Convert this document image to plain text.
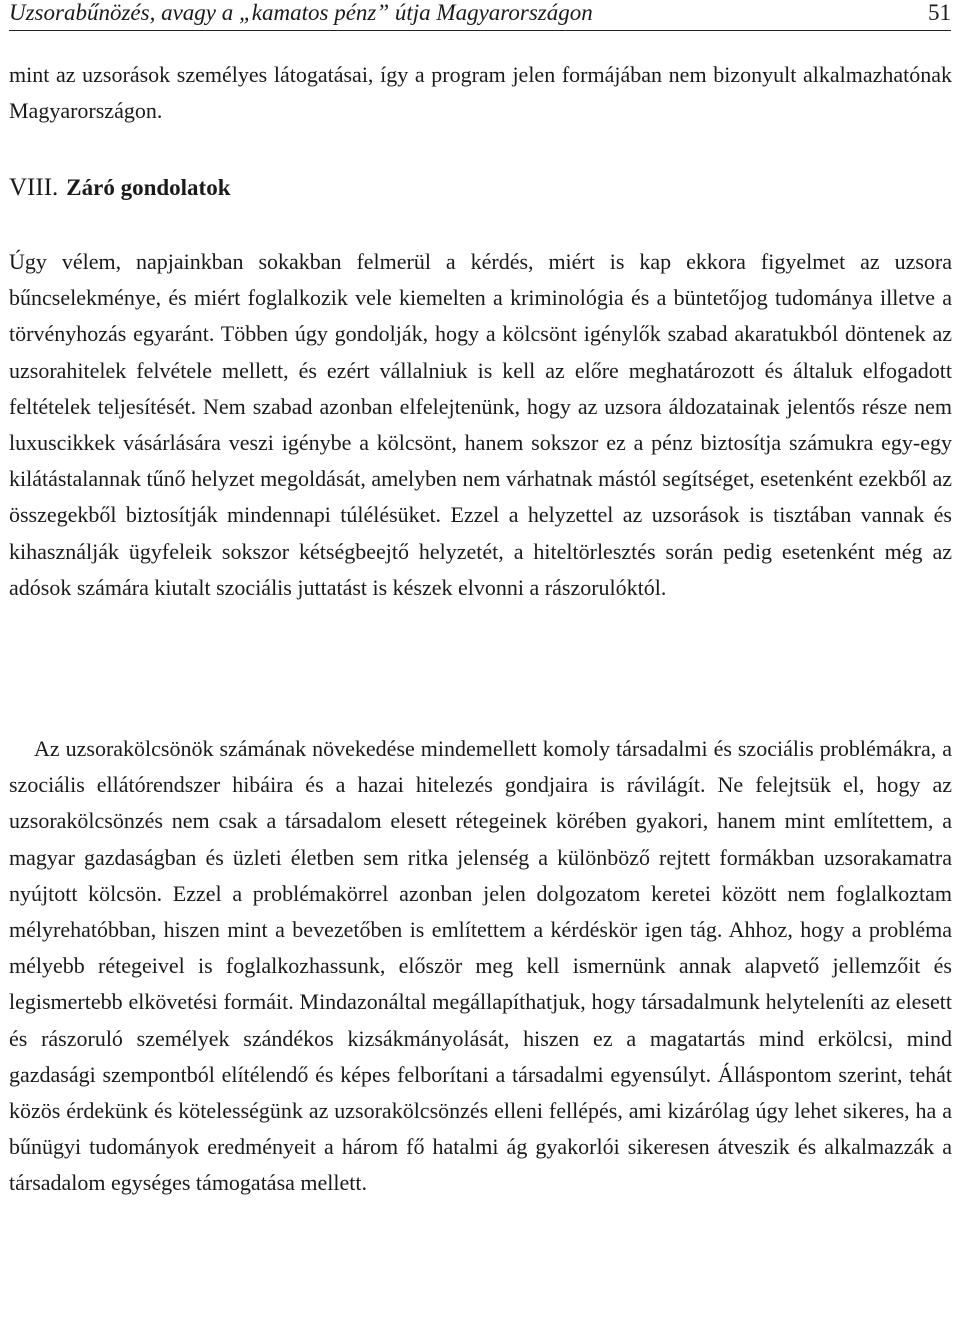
Uzsorabűnözés, avagy a „kamatos pénz” útja Magyarországon	51

mint az uzsorások személyes látogatásai, így a program jelen formájában nem bizonyult alkalmazhatónak Magyarországon.

VIII. Záró gondolatok

Úgy vélem, napjainkban sokakban felmerül a kérdés, miért is kap ekkora figyelmet az uzsora bűncselekménye, és miért foglalkozik vele kiemelten a kriminológia és a büntetőjog tudománya illetve a törvényhozás egyaránt. Többen úgy gondolják, hogy a kölcsönt igénylők szabad akaratukból döntenek az uzsorahitelek felvétele mellett, és ezért vállalniuk is kell az előre meghatározott és általuk elfogadott feltételek teljesítését. Nem szabad azonban elfelejtenünk, hogy az uzsora áldozatainak jelentős része nem luxuscikkek vásárlására veszi igénybe a kölcsönt, hanem sokszor ez a pénz biztosítja számukra egy-egy kilátástalannak tűnő helyzet megoldását, amelyben nem várhatnak mástól segítséget, esetenként ezekből az összegekből biztosítják mindennapi túlélésüket. Ezzel a helyzettel az uzsorások is tisztában vannak és kihasználják ügyfeleik sokszor kétségbeejtő helyzetét, a hiteltörlesztés során pedig esetenként még az adósok számára kiutalt szociális juttatást is készek elvonni a rászorulóktól.

Az uzsorakölcsönök számának növekedése mindemellett komoly társadalmi és szociális problémákra, a szociális ellátórendszer hibáira és a hazai hitelezés gondjaira is rávilágít. Ne felejtsük el, hogy az uzsorakölcsönzés nem csak a társadalom elesett rétegeinek körében gyakori, hanem mint említettem, a magyar gazdaságban és üzleti életben sem ritka jelenség a különböző rejtett formákban uzsorakamatra nyújtott kölcsön. Ezzel a problémakörrel azonban jelen dolgozatom keretei között nem foglalkoztam mélyrehatóbban, hiszen mint a bevezetőben is említettem a kérdéskör igen tág. Ahhoz, hogy a probléma mélyebb rétegeivel is foglalkozhassunk, először meg kell ismernünk annak alapvető jellemzőit és legismertebb elkövetési formáit. Mindazonáltal megállapíthatjuk, hogy társadalmunk helyteleníti az elesett és rászoruló személyek szándékos kizsákmányolását, hiszen ez a magatartás mind erkölcsi, mind gazdasági szempontból elítélendő és képes felborítani a társadalmi egyensúlyt. Álláspontom szerint, tehát közös érdekünk és kötelességünk az uzsorakölcsönzés elleni fellépés, ami kizárólag úgy lehet sikeres, ha a bűnügyi tudományok eredményeit a három fő hatalmi ág gyakorlói sikeresen átveszik és alkalmazzák a társadalom egységes támogatása mellett.
